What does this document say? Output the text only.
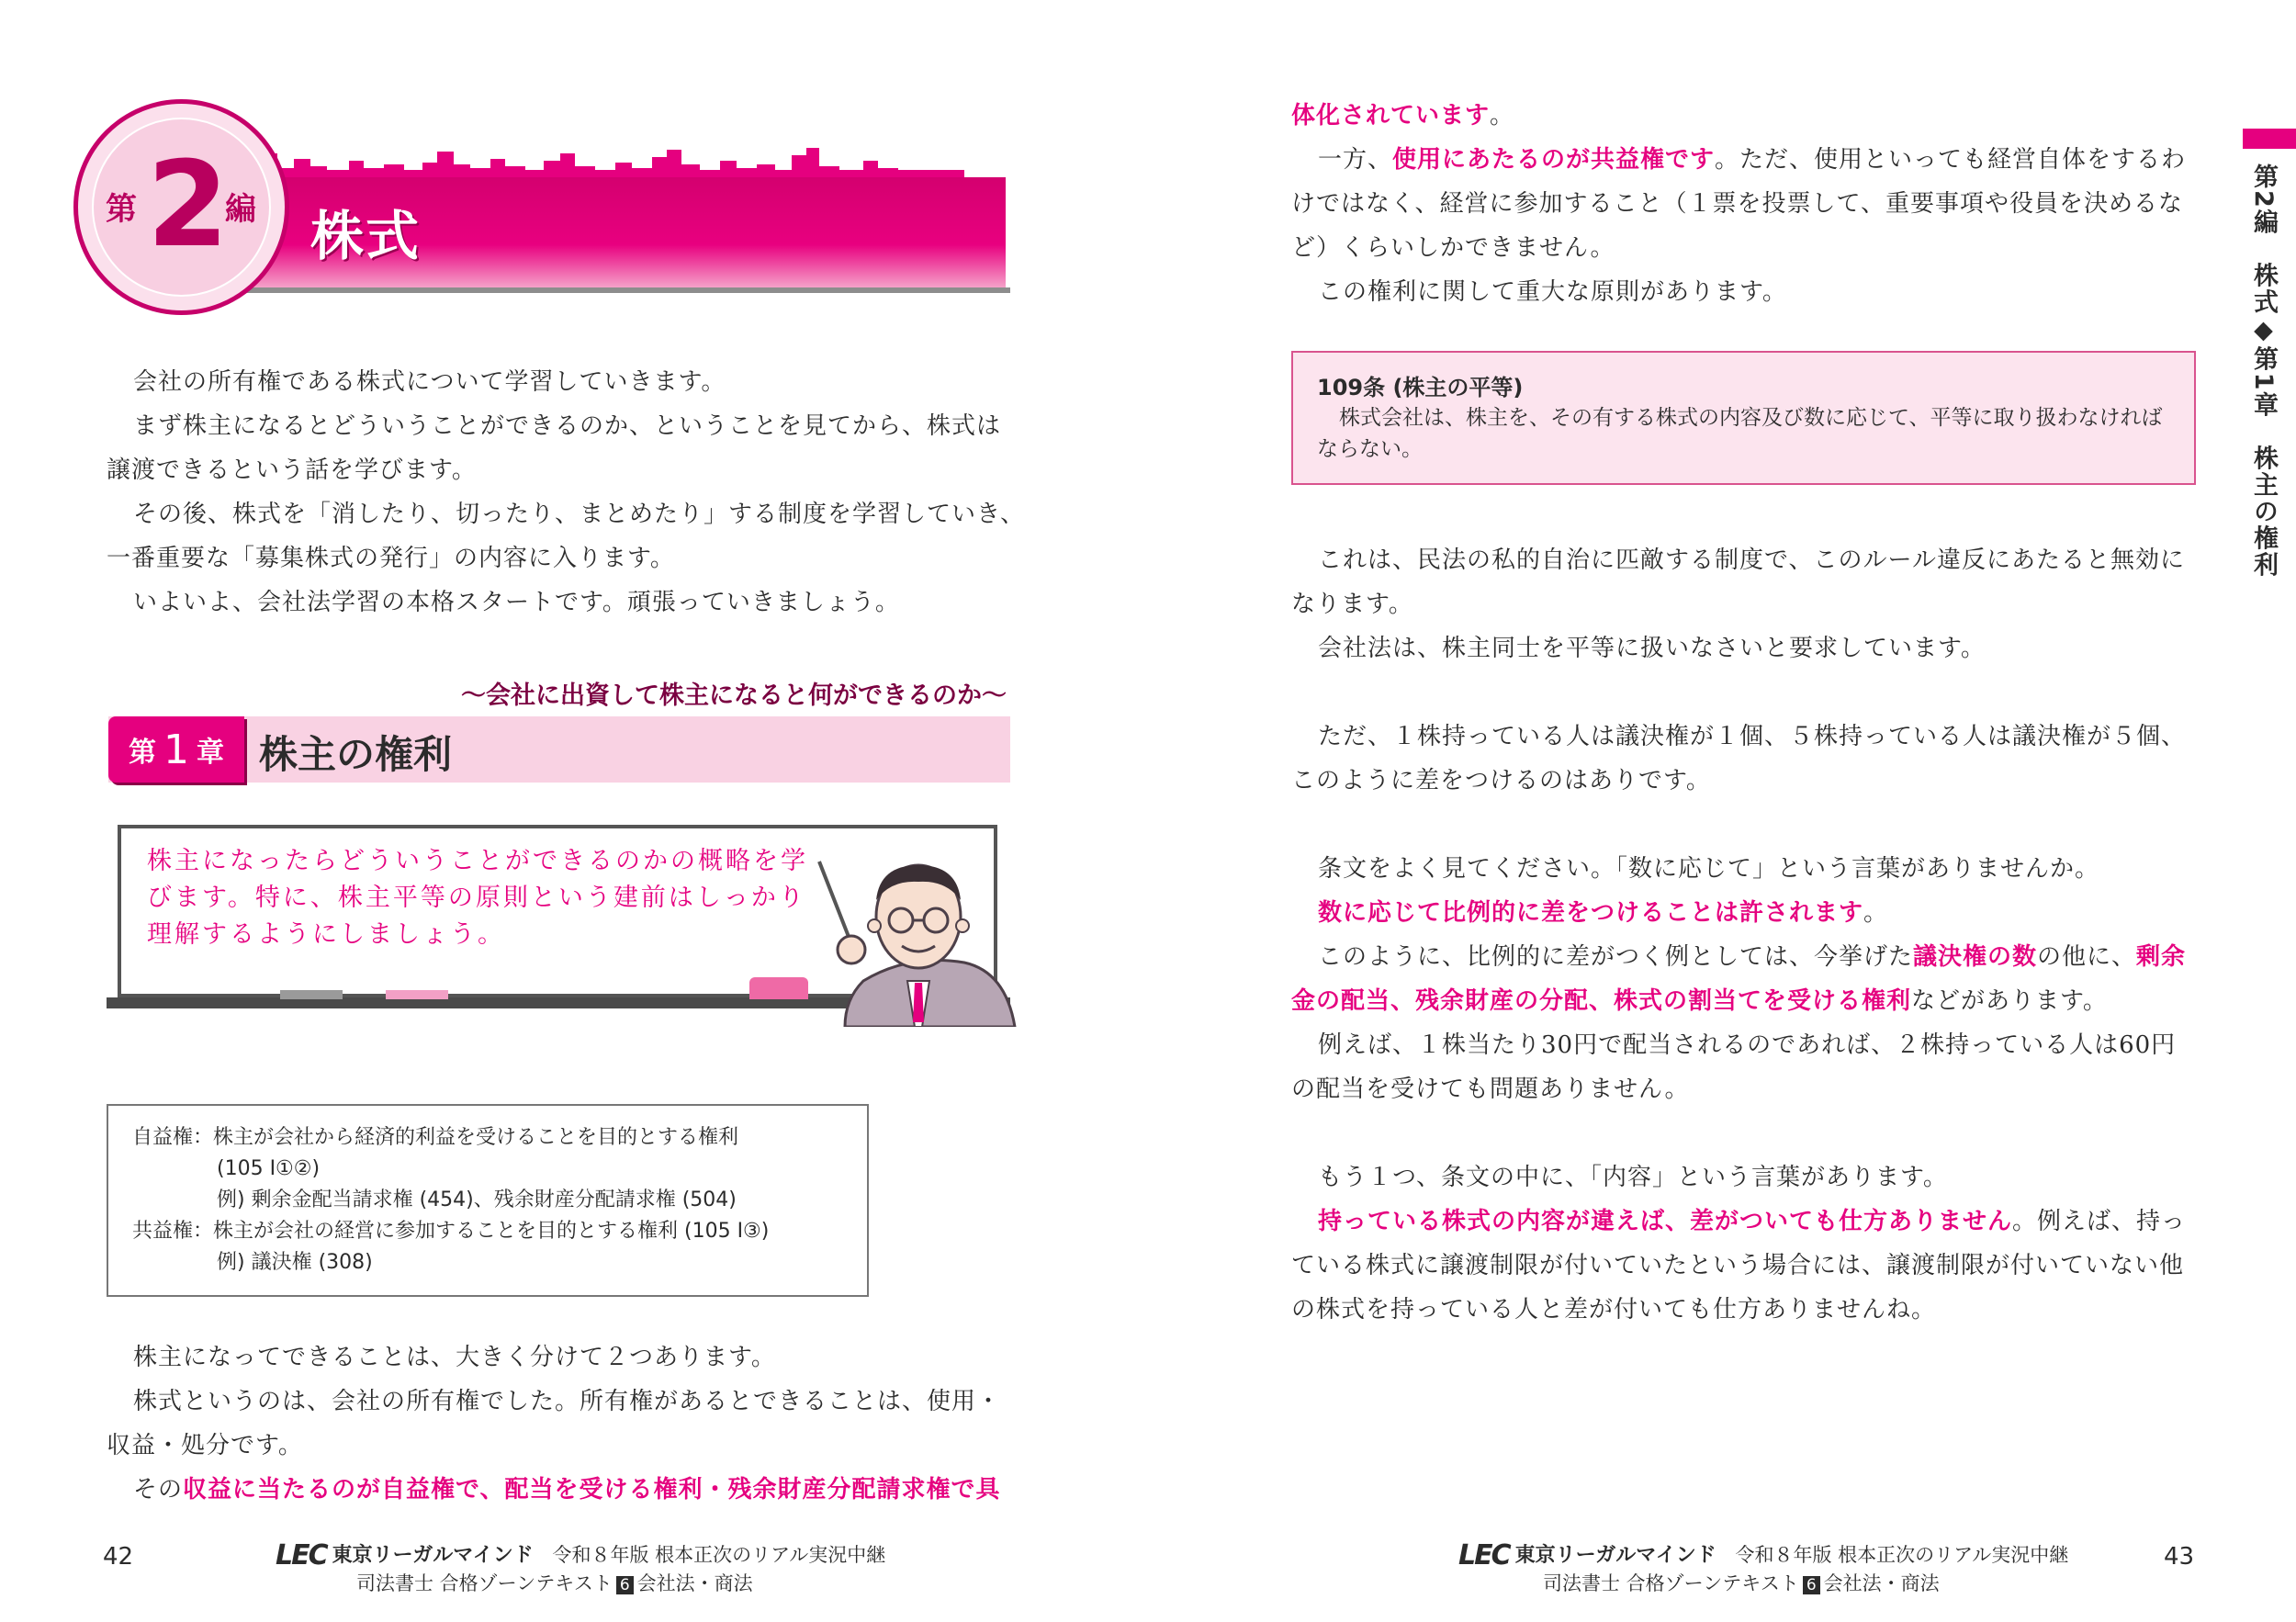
第 2
編 株式
会社の所有権である株式について学習していきます。
まず株主になるとどういうことができるのか、ということを見てから、株式は
譲渡できるという話を学びます。
その後、株式を「消したり、切ったり、まとめたり」する制度を学習していき、
一番重要な「募集株式の発行」の内容に入ります。
いよいよ、会社法学習の本格スタートです。頑張っていきましょう。
〜会社に出資して株主になると何ができるのか〜
第 1 章 株主の権利
株主になったらどういうことができるのかの概略を学びます。特に、株主平等の原則という建前はしっかり理解するようにしましょう。
自益権：株主が会社から経済的利益を受けることを目的とする権利
(105 Ⅰ①②)
例) 剰余金配当請求権 (454)、残余財産分配請求権 (504)
共益権：株主が会社の経営に参加することを目的とする権利 (105 Ⅰ③)
例) 議決権 (308)
株主になってできることは、大きく分けて２つあります。
株式というのは、会社の所有権でした。所有権があるとできることは、使用・
収益・処分です。
その収益に当たるのが自益権で、配当を受ける権利・残余財産分配請求権で具
42	LEC 東京リーガルマインド 令和８年版 根本正次のリアル実況中継
司法書士 合格ゾーンテキスト 6 会社法・商法
体化されています。
一方、使用にあたるのが共益権です。ただ、使用といっても経営自体をするわ
けではなく、経営に参加すること（１票を投票して、重要事項や役員を決めるな
ど）くらいしかできません。
この権利に関して重大な原則があります。
109条 (株主の平等)
株式会社は、株主を、その有する株式の内容及び数に応じて、平等に取り扱わなければならない。
これは、民法の私的自治に匹敵する制度で、このルール違反にあたると無効に
なります。
会社法は、株主同士を平等に扱いなさいと要求しています。
ただ、１株持っている人は議決権が１個、５株持っている人は議決権が５個、
このように差をつけるのはありです。
条文をよく見てください。「数に応じて」という言葉がありませんか。
数に応じて比例的に差をつけることは許されます。
このように、比例的に差がつく例としては、今挙げた議決権の数の他に、剰余
金の配当、残余財産の分配、株式の割当てを受ける権利などがあります。
例えば、１株当たり30円で配当されるのであれば、２株持っている人は60円
の配当を受けても問題ありません。
もう１つ、条文の中に、「内容」という言葉があります。
持っている株式の内容が違えば、差がついても仕方ありません。例えば、持っ
ている株式に譲渡制限が付いていたという場合には、譲渡制限が付いていない他
の株式を持っている人と差が付いても仕方ありませんね。
第2編　株式◆第1章　株主の権利
LEC 東京リーガルマインド 令和８年版 根本正次のリアル実況中継
司法書士 合格ゾーンテキスト 6 会社法・商法
43
